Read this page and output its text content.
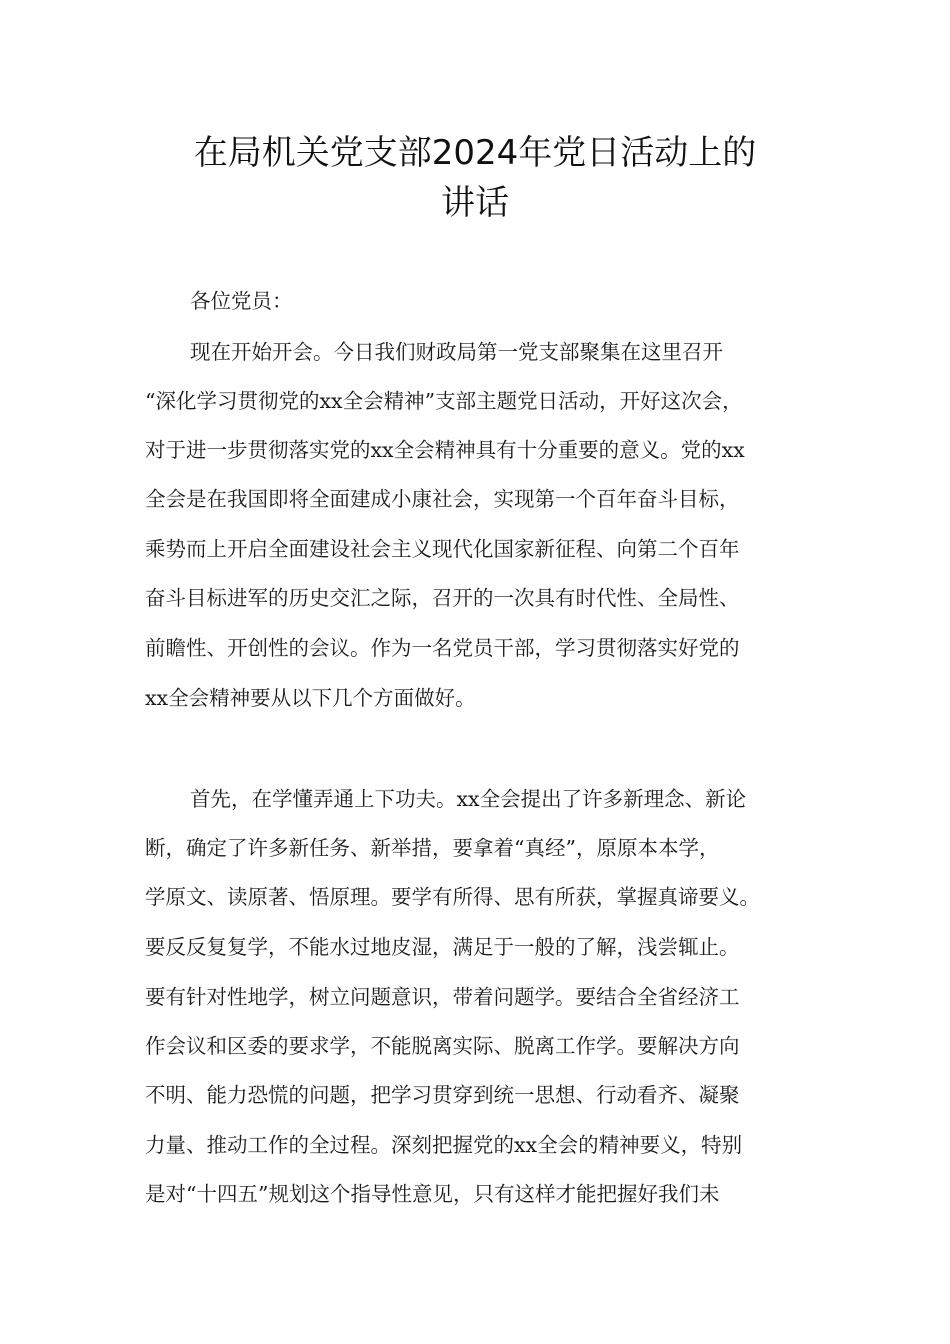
在局机关党支部2024年党日活动上的
讲话
各位党员：
现在开始开会。今日我们财政局第一党支部聚集在这里召开
“深化学习贯彻党的xx全会精神”支部主题党日活动，开好这次会，
对于进一步贯彻落实党的xx全会精神具有十分重要的意义。党的xx
全会是在我国即将全面建成小康社会，实现第一个百年奋斗目标，
乘势而上开启全面建设社会主义现代化国家新征程、向第二个百年
奋斗目标进军的历史交汇之际，召开的一次具有时代性、全局性、
前瞻性、开创性的会议。作为一名党员干部，学习贯彻落实好党的
xx全会精神要从以下几个方面做好。
首先，在学懂弄通上下功夫。xx全会提出了许多新理念、新论
断，确定了许多新任务、新举措，要拿着“真经”，原原本本学，
学原文、读原著、悟原理。要学有所得、思有所获，掌握真谛要义。
要反反复复学，不能水过地皮湿，满足于一般的了解，浅尝辄止。
要有针对性地学，树立问题意识，带着问题学。要结合全省经济工
作会议和区委的要求学，不能脱离实际、脱离工作学。要解决方向
不明、能力恐慌的问题，把学习贯穿到统一思想、行动看齐、凝聚
力量、推动工作的全过程。深刻把握党的xx全会的精神要义，特别
是对“十四五”规划这个指导性意见，只有这样才能把握好我们未
